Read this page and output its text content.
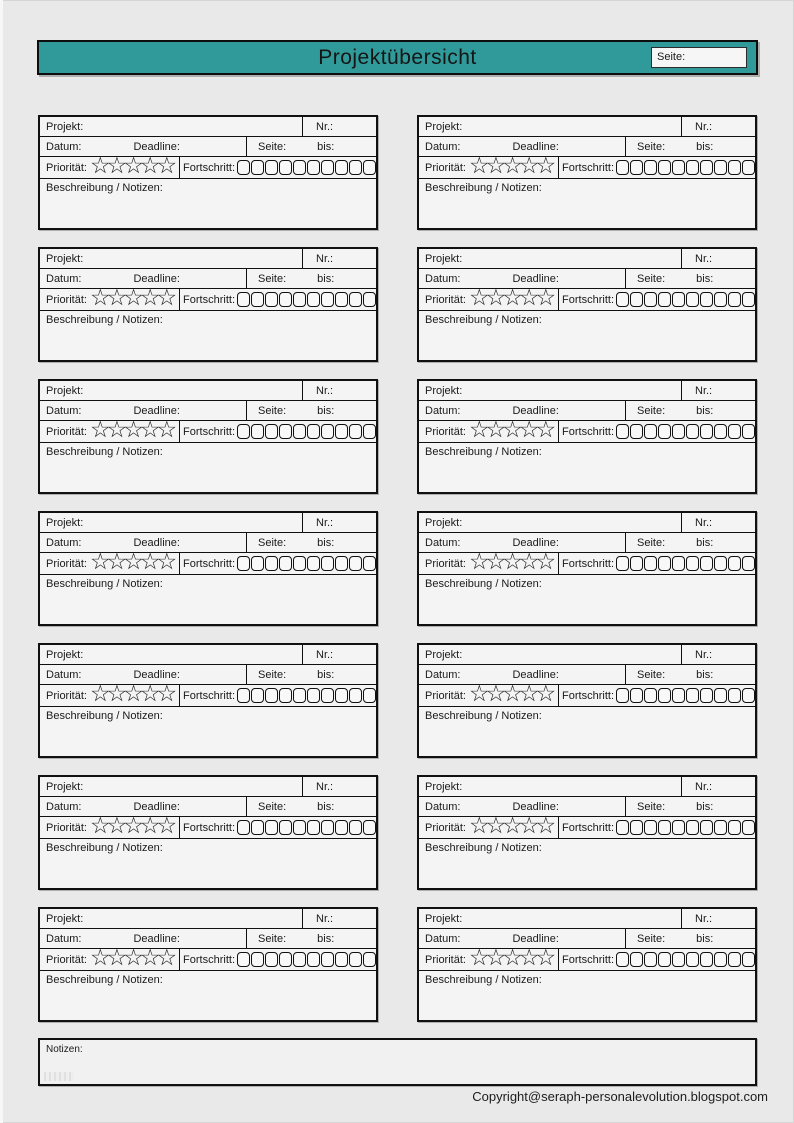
Projektübersicht	Seite:
Projekt:	Nr.:
Datum:	Deadline:	Seite:	bis:
Priorität: ☆☆☆☆☆ Fortschritt:
Beschreibung / Notizen:
Projekt:	Nr.:
Datum:	Deadline:	Seite:	bis:
Priorität: ☆☆☆☆☆ Fortschritt:
Beschreibung / Notizen:
Projekt:	Nr.:
Datum:	Deadline:	Seite:	bis:
Priorität: ☆☆☆☆☆ Fortschritt:
Beschreibung / Notizen:
Projekt:	Nr.:
Datum:	Deadline:	Seite:	bis:
Priorität: ☆☆☆☆☆ Fortschritt:
Beschreibung / Notizen:
Projekt:	Nr.:
Datum:	Deadline:	Seite:	bis:
Priorität: ☆☆☆☆☆ Fortschritt:
Beschreibung / Notizen:
Projekt:	Nr.:
Datum:	Deadline:	Seite:	bis:
Priorität: ☆☆☆☆☆ Fortschritt:
Beschreibung / Notizen:
Projekt:	Nr.:
Datum:	Deadline:	Seite:	bis:
Priorität: ☆☆☆☆☆ Fortschritt:
Beschreibung / Notizen:
Projekt:	Nr.:
Datum:	Deadline:	Seite:	bis:
Priorität: ☆☆☆☆☆ Fortschritt:
Beschreibung / Notizen:
Projekt:	Nr.:
Datum:	Deadline:	Seite:	bis:
Priorität: ☆☆☆☆☆ Fortschritt:
Beschreibung / Notizen:
Projekt:	Nr.:
Datum:	Deadline:	Seite:	bis:
Priorität: ☆☆☆☆☆ Fortschritt:
Beschreibung / Notizen:
Projekt:	Nr.:
Datum:	Deadline:	Seite:	bis:
Priorität: ☆☆☆☆☆ Fortschritt:
Beschreibung / Notizen:
Projekt:	Nr.:
Datum:	Deadline:	Seite:	bis:
Priorität: ☆☆☆☆☆ Fortschritt:
Beschreibung / Notizen:
Projekt:	Nr.:
Datum:	Deadline:	Seite:	bis:
Priorität: ☆☆☆☆☆ Fortschritt:
Beschreibung / Notizen:
Projekt:	Nr.:
Datum:	Deadline:	Seite:	bis:
Priorität: ☆☆☆☆☆ Fortschritt:
Beschreibung / Notizen:
Notizen:
Copyright@seraph-personalevolution.blogspot.com
